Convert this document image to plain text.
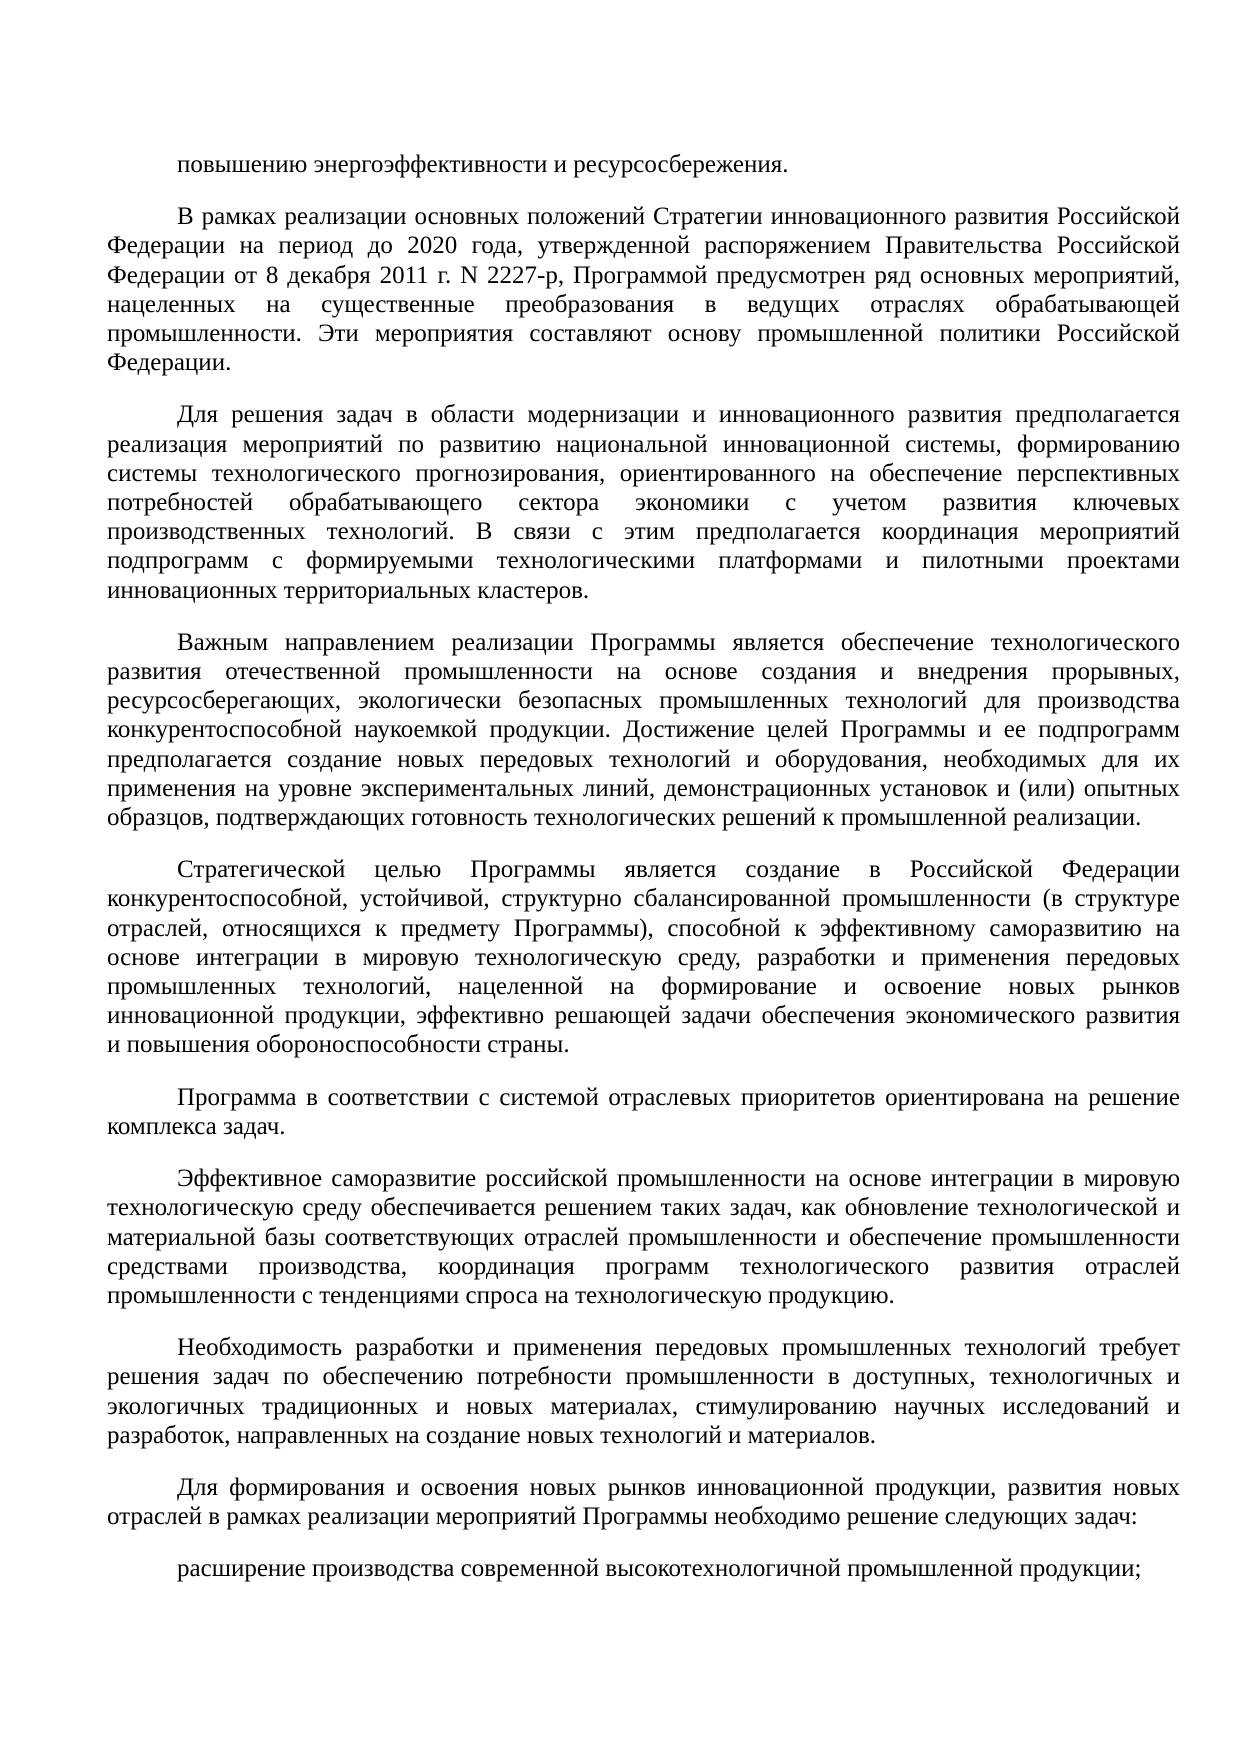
повышению энергоэффективности и ресурсосбережения.

В рамках реализации основных положений Стратегии инновационного развития Российской
Федерации на период до 2020 года, утвержденной распоряжением Правительства Российской
Федерации от 8 декабря 2011 г. N 2227-р, Программой предусмотрен ряд основных мероприятий,
нацеленных на существенные преобразования в ведущих отраслях обрабатывающей
промышленности. Эти мероприятия составляют основу промышленной политики Российской
Федерации.

Для решения задач в области модернизации и инновационного развития предполагается
реализация мероприятий по развитию национальной инновационной системы, формированию
системы технологического прогнозирования, ориентированного на обеспечение перспективных
потребностей обрабатывающего сектора экономики с учетом развития ключевых
производственных технологий. В связи с этим предполагается координация мероприятий
подпрограмм с формируемыми технологическими платформами и пилотными проектами
инновационных территориальных кластеров.

Важным направлением реализации Программы является обеспечение технологического
развития отечественной промышленности на основе создания и внедрения прорывных,
ресурсосберегающих, экологически безопасных промышленных технологий для производства
конкурентоспособной наукоемкой продукции. Достижение целей Программы и ее подпрограмм
предполагается создание новых передовых технологий и оборудования, необходимых для их
применения на уровне экспериментальных линий, демонстрационных установок и (или) опытных
образцов, подтверждающих готовность технологических решений к промышленной реализации.

Стратегической целью Программы является создание в Российской Федерации
конкурентоспособной, устойчивой, структурно сбалансированной промышленности (в структуре
отраслей, относящихся к предмету Программы), способной к эффективному саморазвитию на
основе интеграции в мировую технологическую среду, разработки и применения передовых
промышленных технологий, нацеленной на формирование и освоение новых рынков
инновационной продукции, эффективно решающей задачи обеспечения экономического развития
и повышения обороноспособности страны.

Программа в соответствии с системой отраслевых приоритетов ориентирована на решение
комплекса задач.

Эффективное саморазвитие российской промышленности на основе интеграции в мировую
технологическую среду обеспечивается решением таких задач, как обновление технологической и
материальной базы соответствующих отраслей промышленности и обеспечение промышленности
средствами производства, координация программ технологического развития отраслей
промышленности с тенденциями спроса на технологическую продукцию.

Необходимость разработки и применения передовых промышленных технологий требует
решения задач по обеспечению потребности промышленности в доступных, технологичных и
экологичных традиционных и новых материалах, стимулированию научных исследований и
разработок, направленных на создание новых технологий и материалов.

Для формирования и освоения новых рынков инновационной продукции, развития новых
отраслей в рамках реализации мероприятий Программы необходимо решение следующих задач:

расширение производства современной высокотехнологичной промышленной продукции;
